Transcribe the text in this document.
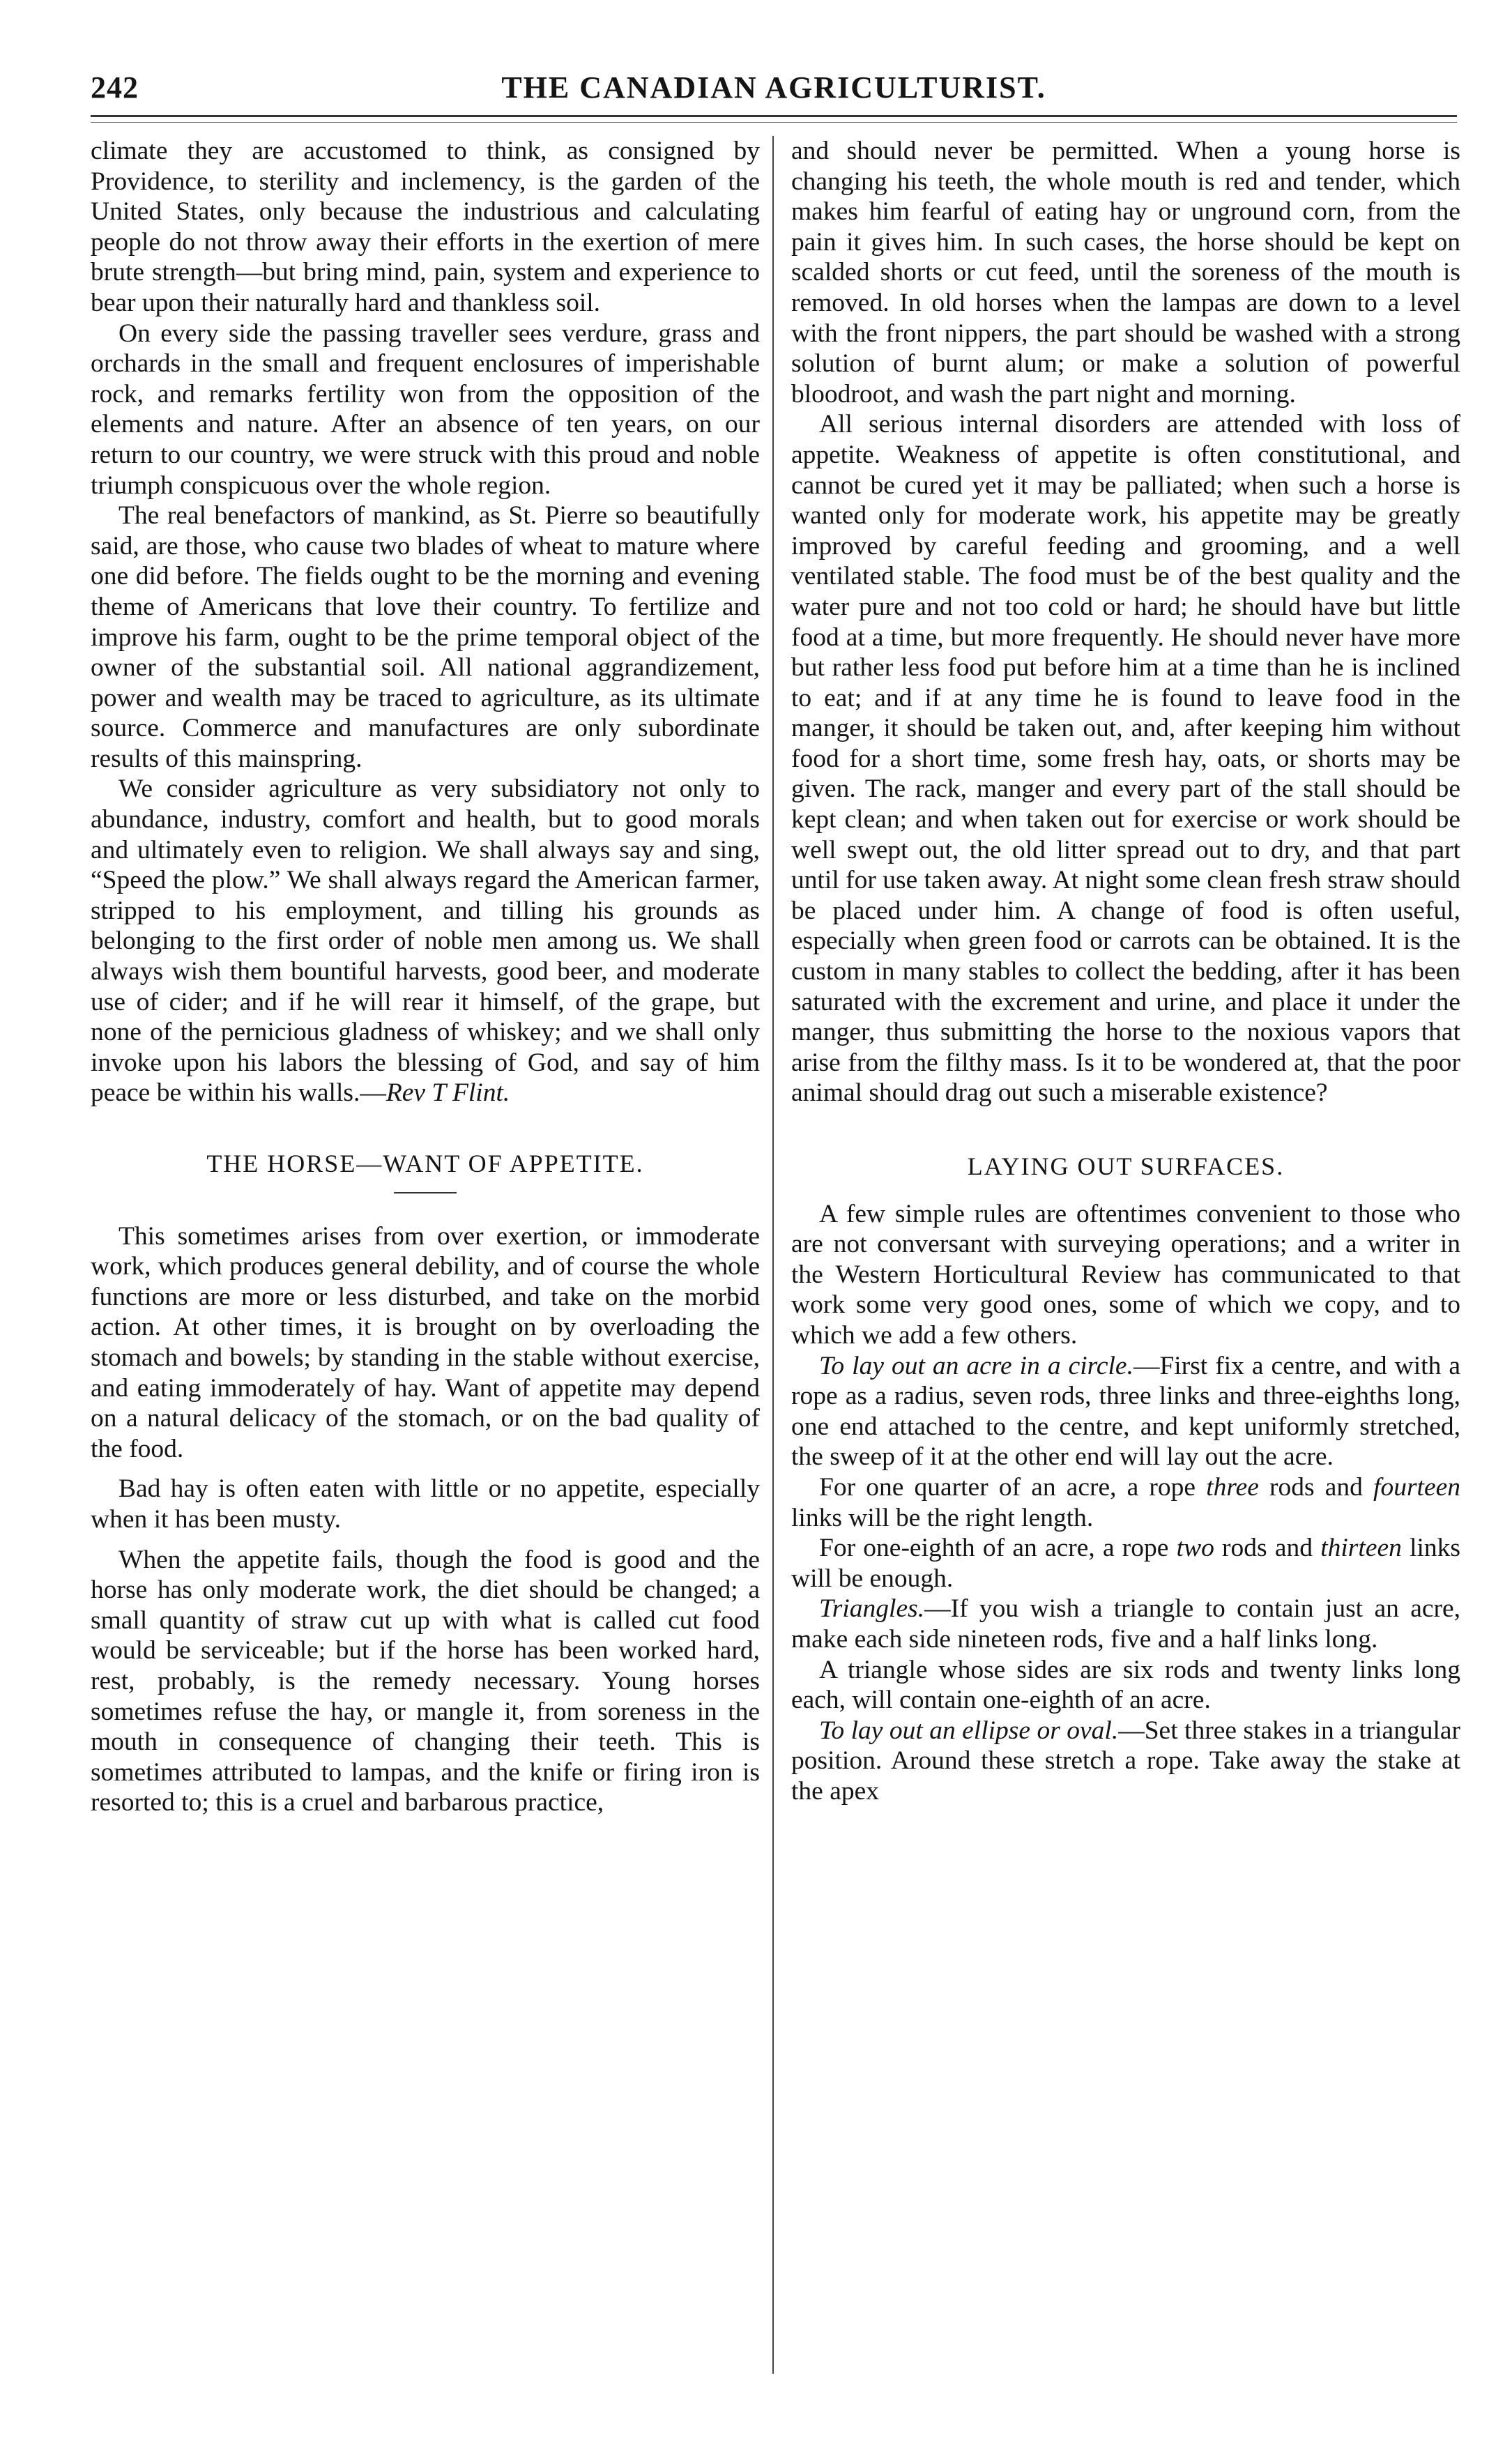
242	THE CANADIAN AGRICULTURIST.

climate they are accustomed to think, as consigned by Providence, to sterility and inclemency, is the garden of the United States, only because the industrious and calculating people do not throw away their efforts in the exertion of mere brute strength—but bring mind, pain, system and experience to bear upon their naturally hard and thankless soil.

On every side the passing traveller sees verdure, grass and orchards in the small and frequent enclosures of imperishable rock, and remarks fertility won from the opposition of the elements and nature. After an absence of ten years, on our return to our country, we were struck with this proud and noble triumph conspicuous over the whole region.

The real benefactors of mankind, as St. Pierre so beautifully said, are those, who cause two blades of wheat to mature where one did before. The fields ought to be the morning and evening theme of Americans that love their country. To fertilize and improve his farm, ought to be the prime temporal object of the owner of the substantial soil. All national aggrandizement, power and wealth may be traced to agriculture, as its ultimate source. Commerce and manufactures are only subordinate results of this mainspring.

We consider agriculture as very subsidiatory not only to abundance, industry, comfort and health, but to good morals and ultimately even to religion. We shall always say and sing, “Speed the plow.” We shall always regard the American farmer, stripped to his employment, and tilling his grounds as belonging to the first order of noble men among us. We shall always wish them bountiful harvests, good beer, and moderate use of cider; and if he will rear it himself, of the grape, but none of the pernicious gladness of whiskey; and we shall only invoke upon his labors the blessing of God, and say of him peace be within his walls.—Rev T Flint.

THE HORSE—WANT OF APPETITE.

This sometimes arises from over exertion, or immoderate work, which produces general debility, and of course the whole functions are more or less disturbed, and take on the morbid action. At other times, it is brought on by overloading the stomach and bowels; by standing in the stable without exercise, and eating immoderately of hay. Want of appetite may depend on a natural delicacy of the stomach, or on the bad quality of the food.

Bad hay is often eaten with little or no appetite, especially when it has been musty.

When the appetite fails, though the food is good and the horse has only moderate work, the diet should be changed; a small quantity of straw cut up with what is called cut food would be serviceable; but if the horse has been worked hard, rest, probably, is the remedy necessary. Young horses sometimes refuse the hay, or mangle it, from soreness in the mouth in consequence of changing their teeth. This is sometimes attributed to lampas, and the knife or firing iron is resorted to; this is a cruel and barbarous practice,

and should never be permitted. When a young horse is changing his teeth, the whole mouth is red and tender, which makes him fearful of eating hay or unground corn, from the pain it gives him. In such cases, the horse should be kept on scalded shorts or cut feed, until the soreness of the mouth is removed. In old horses when the lampas are down to a level with the front nippers, the part should be washed with a strong solution of burnt alum; or make a solution of powerful bloodroot, and wash the part night and morning.

All serious internal disorders are attended with loss of appetite. Weakness of appetite is often constitutional, and cannot be cured yet it may be palliated; when such a horse is wanted only for moderate work, his appetite may be greatly improved by careful feeding and grooming, and a well ventilated stable. The food must be of the best quality and the water pure and not too cold or hard; he should have but little food at a time, but more frequently. He should never have more but rather less food put before him at a time than he is inclined to eat; and if at any time he is found to leave food in the manger, it should be taken out, and, after keeping him without food for a short time, some fresh hay, oats, or shorts may be given. The rack, manger and every part of the stall should be kept clean; and when taken out for exercise or work should be well swept out, the old litter spread out to dry, and that part until for use taken away. At night some clean fresh straw should be placed under him. A change of food is often useful, especially when green food or carrots can be obtained. It is the custom in many stables to collect the bedding, after it has been saturated with the excrement and urine, and place it under the manger, thus submitting the horse to the noxious vapors that arise from the filthy mass. Is it to be wondered at, that the poor animal should drag out such a miserable existence?

LAYING OUT SURFACES.

A few simple rules are oftentimes convenient to those who are not conversant with surveying operations; and a writer in the Western Horticultural Review has communicated to that work some very good ones, some of which we copy, and to which we add a few others.

To lay out an acre in a circle.—First fix a centre, and with a rope as a radius, seven rods, three links and three-eighths long, one end attached to the centre, and kept uniformly stretched, the sweep of it at the other end will lay out the acre.

For one quarter of an acre, a rope three rods and fourteen links will be the right length.

For one-eighth of an acre, a rope two rods and thirteen links will be enough.

Triangles.—If you wish a triangle to contain just an acre, make each side nineteen rods, five and a half links long.

A triangle whose sides are six rods and twenty links long each, will contain one-eighth of an acre.

To lay out an ellipse or oval.—Set three stakes in a triangular position. Around these stretch a rope. Take away the stake at the apex
